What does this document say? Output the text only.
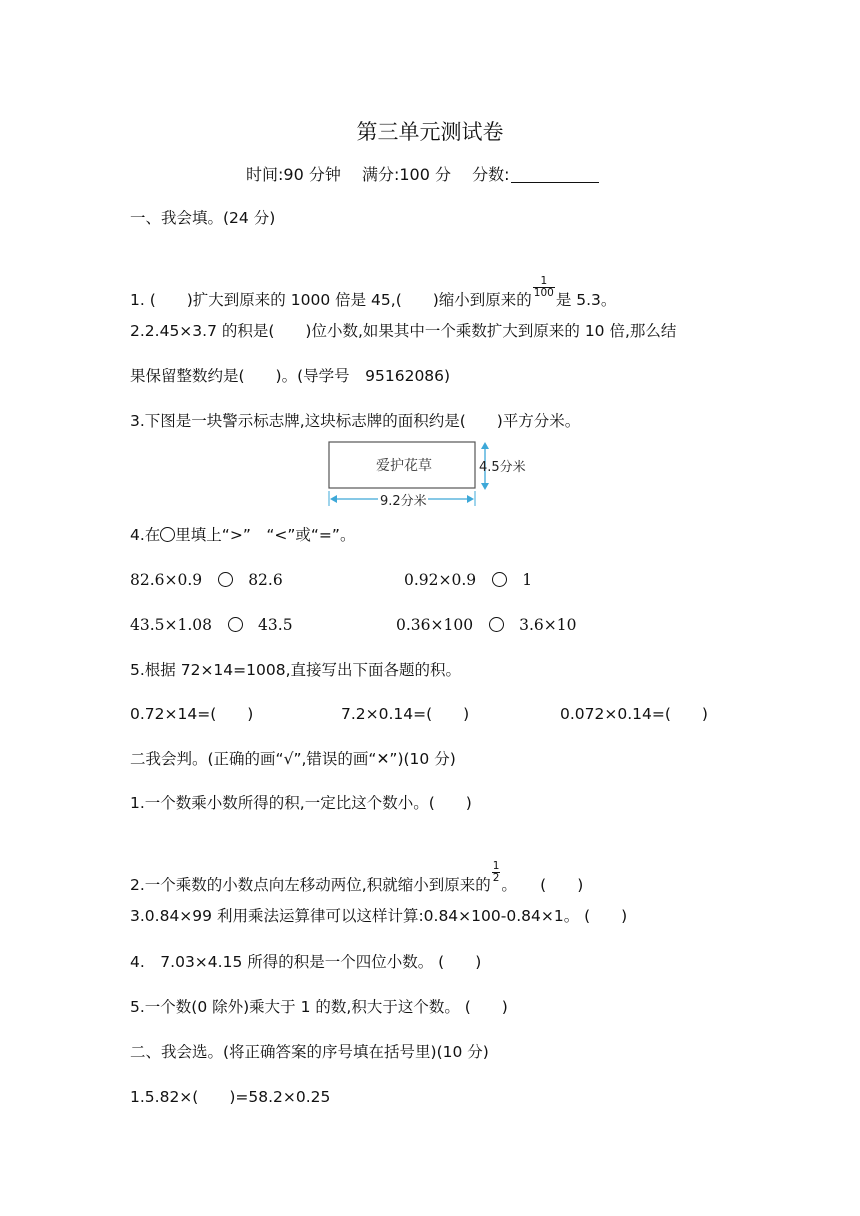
第三单元测试卷
时间:90 分钟　 满分:100 分　 分数:
一、我会填。(24 分)
1. (　　)扩大到原来的 1000 倍是 45,(　　)缩小到原来的
$\frac{1}{100}$
是 5.3。
2.2.45×3.7 的积是(　　)位小数,如果其中一个乘数扩大到原来的 10 倍,那么结
果保留整数约是(　　)。(导学号　95162086)
3.下图是一块警示标志牌,这块标志牌的面积约是(　　)平方分米。
爱护花草	4.5分米
9.2分米
4.在 里填上“>”　“<”或“=”。
82.6×0.9　　	82.6	0.92×0.9　　	1
43.5×1.08　　	43.5	0.36×100　　	3.6×10
5.根据 72×14=1008,直接写出下面各题的积。
0.72×14=(　　)	7.2×0.14=(　　)	0.072×0.14=(　　)
二我会判。(正确的画“√”,错误的画“✕”)(10 分)
1.一个数乘小数所得的积,一定比这个数小。(　　)
2.一个乘数的小数点向左移动两位,积就缩小到原来的
$\frac{1}{2}$
。　　(　　)
3.0.84×99 利用乘法运算律可以这样计算:0.84×100-0.84×1。 (　　)
4.　7.03×4.15 所得的积是一个四位小数。 (　　)
5.一个数(0 除外)乘大于 1 的数,积大于这个数。 (　　)
二、我会选。(将正确答案的序号填在括号里)(10 分)
1.5.82×(　　)=58.2×0.25
